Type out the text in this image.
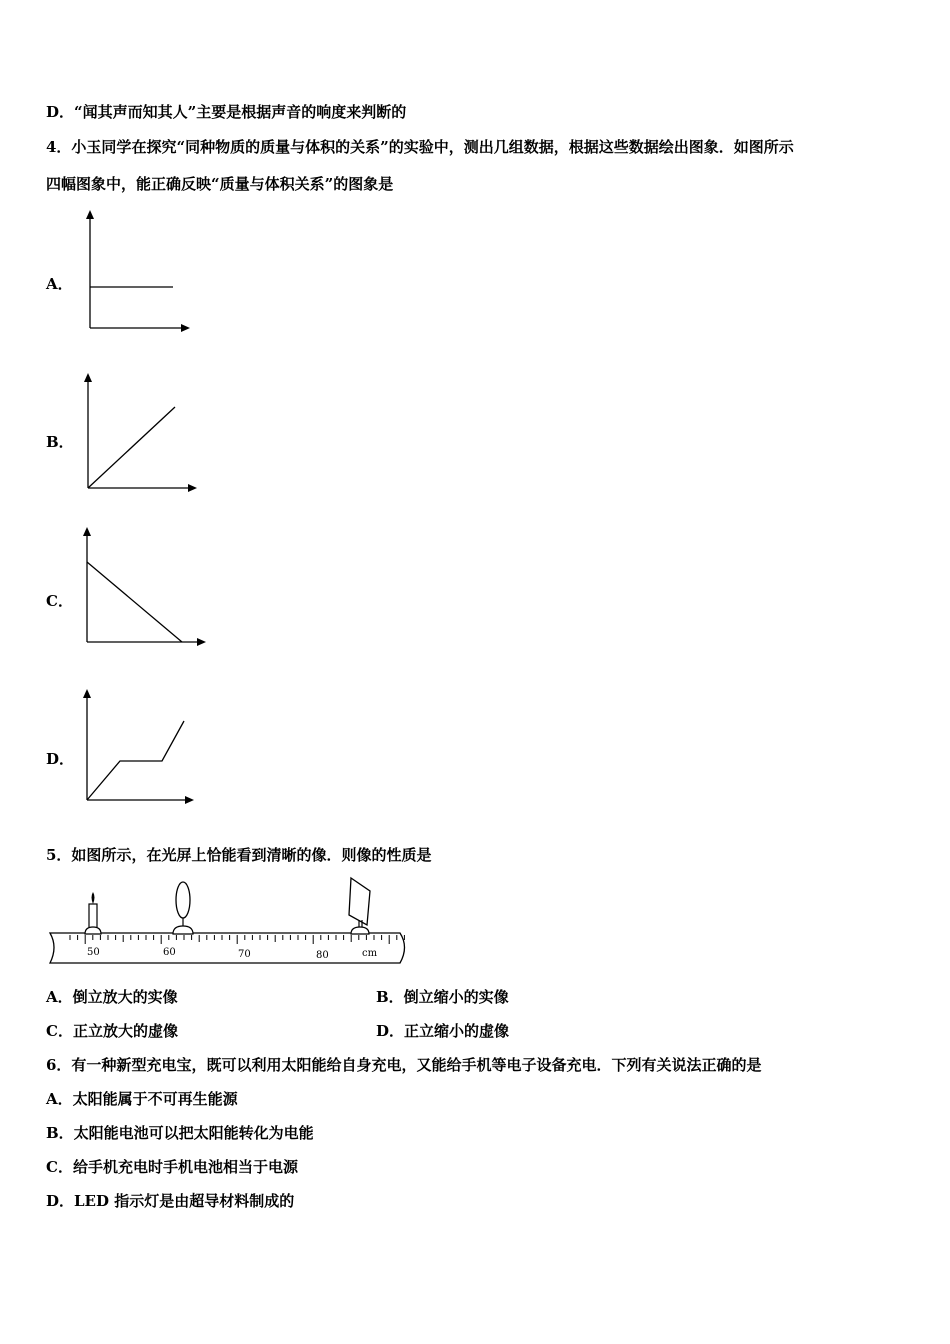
D．“闻其声而知其人”主要是根据声音的响度来判断的
4．小玉同学在探究“同种物质的质量与体积的关系”的实验中，测出几组数据，根据这些数据绘出图象．如图所示
四幅图象中，能正确反映“质量与体积关系”的图象是
A．
B．
C．
D．
5．如图所示，在光屏上恰能看到清晰的像．则像的性质是
50	60	70	80	cm
A．倒立放大的实像	B．倒立缩小的实像
C．正立放大的虚像	D．正立缩小的虚像
6．有一种新型充电宝，既可以利用太阳能给自身充电，又能给手机等电子设备充电．下列有关说法正确的是
A．太阳能属于不可再生能源
B．太阳能电池可以把太阳能转化为电能
C．给手机充电时手机电池相当于电源
D．LED 指示灯是由超导材料制成的
